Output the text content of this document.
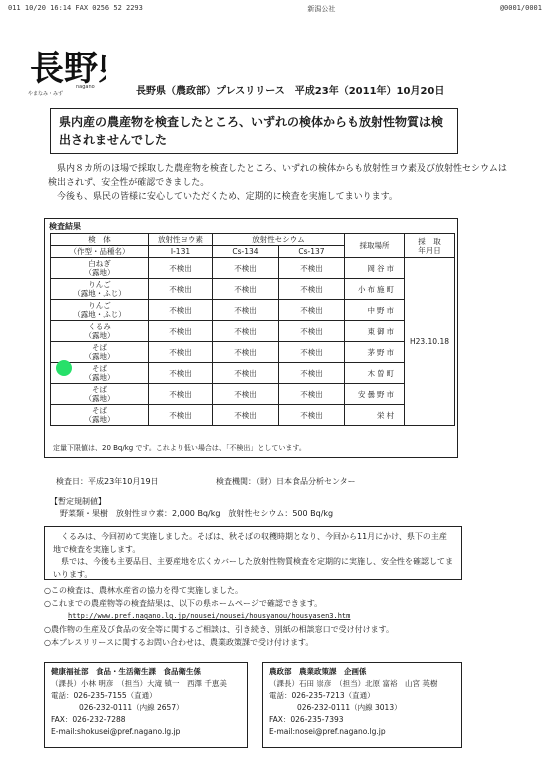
011 10/20 16:14 FAX 0256 52 2293	新潟公社	@0001/0001
長野
nagano
やまなみ・みず	長野県（農政部）プレスリリース　平成23年（2011年）10月20日
県内産の農産物を検査したところ、いずれの検体からも放射性物質は検出されませんでした

県内８カ所のほ場で採取した農産物を検査したところ、いずれの検体からも放射性ヨウ素及び放射性セシウムは検出されず、安全性が確認できました。

今後も、県民の皆様に安心していただくため、定期的に検査を実施してまいります。

検査結果
検　体	放射性ヨウ素	放射性セシウム		採取場所	採　取
年月日
（作型・品種名）	I-131	Cs-134	Cs-137		
白ねぎ
（露地）	不検出	不検出	不検出	岡谷市	H23.10.18
りんご
（露地・ふじ）	不検出	不検出	不検出	小布施町	
りんご
（露地・ふじ）	不検出	不検出	不検出	中野市	
くるみ
（露地）	不検出	不検出	不検出	東御市	
そば
（露地）	不検出	不検出	不検出	茅野市	
そば
（露地）	不検出	不検出	不検出	木曽町	
そば
（露地）	不検出	不検出	不検出	安曇野市	
そば
（露地）	不検出	不検出	不検出	栄村	
定量下限値は、20 Bq/kg です。これより低い場合は、「不検出」としています。
検査日：平成23年10月19日	検査機関：（財）日本食品分析センター
【暫定規制値】
野菜類・果樹　放射性ヨウ素：2,000 Bq/kg　放射性セシウム：500 Bq/kg

くるみは、今回初めて実施しました。そばは、秋そばの収穫時期となり、今回から11月にかけ、県下の主産地で検査を実施します。

県では、今後も主要品目、主要産地を広くカバーした放射性物質検査を定期的に実施し、安全性を確認してまいります。

○この検査は、農林水産省の協力を得て実施しました。
○これまでの農産物等の検査結果は、以下の県ホームページで確認できます。
http://www.pref.nagano.lg.jp/nousei/nousei/housyanou/housyasen3.htm
○農作物の生産及び食品の安全等に関するご相談は、引き続き、別紙の相談窓口で受け付けます。
○本プレスリリースに関するお問い合わせは、農業政策課で受け付けます。
健康福祉部　食品・生活衛生課　食品衛生係
（課長）小林 明彦　（担当）大滝 镇一　西澤 千恵美
電話：026-235-7155（直通）
026-232-0111（内線 2657）
FAX：026-232-7288
E-mail:shokusei@pref.nagano.lg.jp
農政部　農業政策課　企画係
（課長）石田 崇彦　（担当）北原 富裕　山宮 英樹
電話：026-235-7213（直通）
026-232-0111（内線 3013）
FAX：026-235-7393
E-mail:nosei@pref.nagano.lg.jp
